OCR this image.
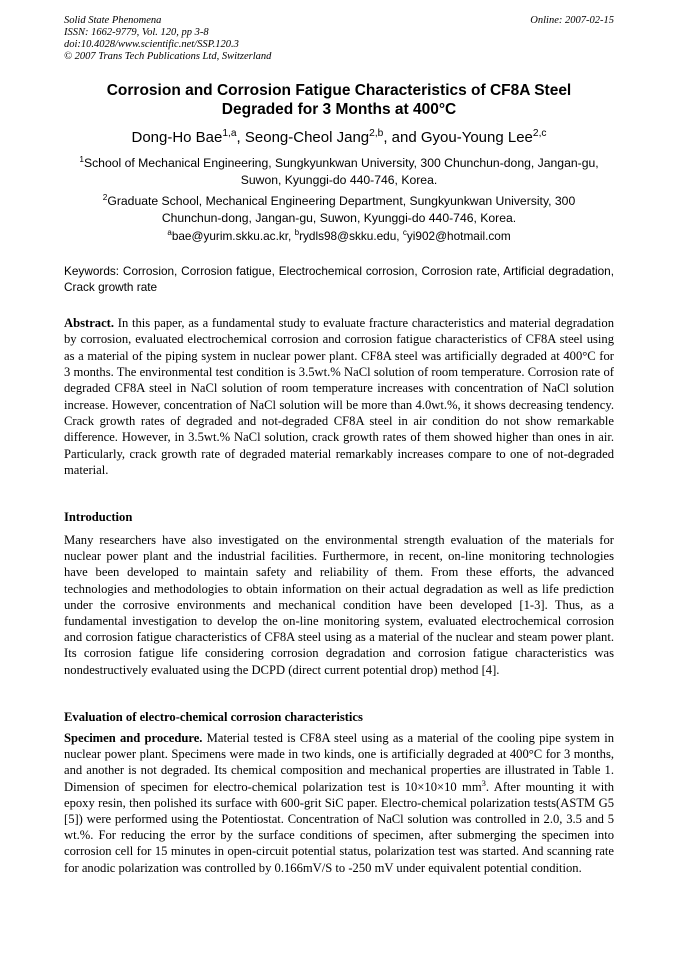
Solid State Phenomena
ISSN: 1662-9779, Vol. 120, pp 3-8
doi:10.4028/www.scientific.net/SSP.120.3
© 2007 Trans Tech Publications Ltd, Switzerland
Online: 2007-02-15
Corrosion and Corrosion Fatigue Characteristics of CF8A Steel
Degraded for 3 Months at 400°C
Dong-Ho Bae$^{1,a}$, Seong-Cheol Jang$^{2,b}$, and Gyou-Young Lee$^{2,c}$
$^1$School of Mechanical Engineering, Sungkyunkwan University, 300 Chunchun-dong, Jangan-gu,
Suwon, Kyunggi-do 440-746, Korea.
$^2$Graduate School, Mechanical Engineering Department, Sungkyunkwan University, 300
Chunchun-dong, Jangan-gu, Suwon, Kyunggi-do 440-746, Korea.
$^a$bae@yurim.skku.ac.kr, $^b$rydls98@skku.edu, $^c$yi902@hotmail.com
Keywords: Corrosion, Corrosion fatigue, Electrochemical corrosion, Corrosion rate, Artificial degradation, Crack growth rate
Abstract. In this paper, as a fundamental study to evaluate fracture characteristics and material degradation by corrosion, evaluated electrochemical corrosion and corrosion fatigue characteristics of CF8A steel using as a material of the piping system in nuclear power plant. CF8A steel was artificially degraded at 400°C for 3 months. The environmental test condition is 3.5wt.% NaCl solution of room temperature. Corrosion rate of degraded CF8A steel in NaCl solution of room temperature increases with concentration of NaCl solution increase. However, concentration of NaCl solution will be more than 4.0wt.%, it shows decreasing tendency. Crack growth rates of degraded and not-degraded CF8A steel in air condition do not show remarkable difference. However, in 3.5wt.% NaCl solution, crack growth rates of them showed higher than ones in air. Particularly, crack growth rate of degraded material remarkably increases compare to one of not-degraded material.
Introduction
Many researchers have also investigated on the environmental strength evaluation of the materials for nuclear power plant and the industrial facilities. Furthermore, in recent, on-line monitoring technologies have been developed to maintain safety and reliability of them. From these efforts, the advanced technologies and methodologies to obtain information on their actual degradation as well as life prediction under the corrosive environments and mechanical condition have been developed [1-3]. Thus, as a fundamental investigation to develop the on-line monitoring system, evaluated electrochemical corrosion and corrosion fatigue characteristics of CF8A steel using as a material of the nuclear and steam power plant. Its corrosion fatigue life considering corrosion degradation and corrosion fatigue characteristics was nondestructively evaluated using the DCPD (direct current potential drop) method [4].
Evaluation of electro-chemical corrosion characteristics
Specimen and procedure. Material tested is CF8A steel using as a material of the cooling pipe system in nuclear power plant. Specimens were made in two kinds, one is artificially degraded at 400°C for 3 months, and another is not degraded. Its chemical composition and mechanical properties are illustrated in Table 1. Dimension of specimen for electro-chemical polarization test is 10×10×10 $mm^3$. After mounting it with epoxy resin, then polished its surface with 600-grit SiC paper. Electro-chemical polarization tests(ASTM G5 [5]) were performed using the Potentiostat. Concentration of NaCl solution was controlled in 2.0, 3.5 and 5 wt.%. For reducing the error by the surface conditions of specimen, after submerging the specimen into corrosion cell for 15 minutes in open-circuit potential status, polarization test was started. And scanning rate for anodic polarization was controlled by 0.166mV/S to -250 mV under equivalent potential condition.
